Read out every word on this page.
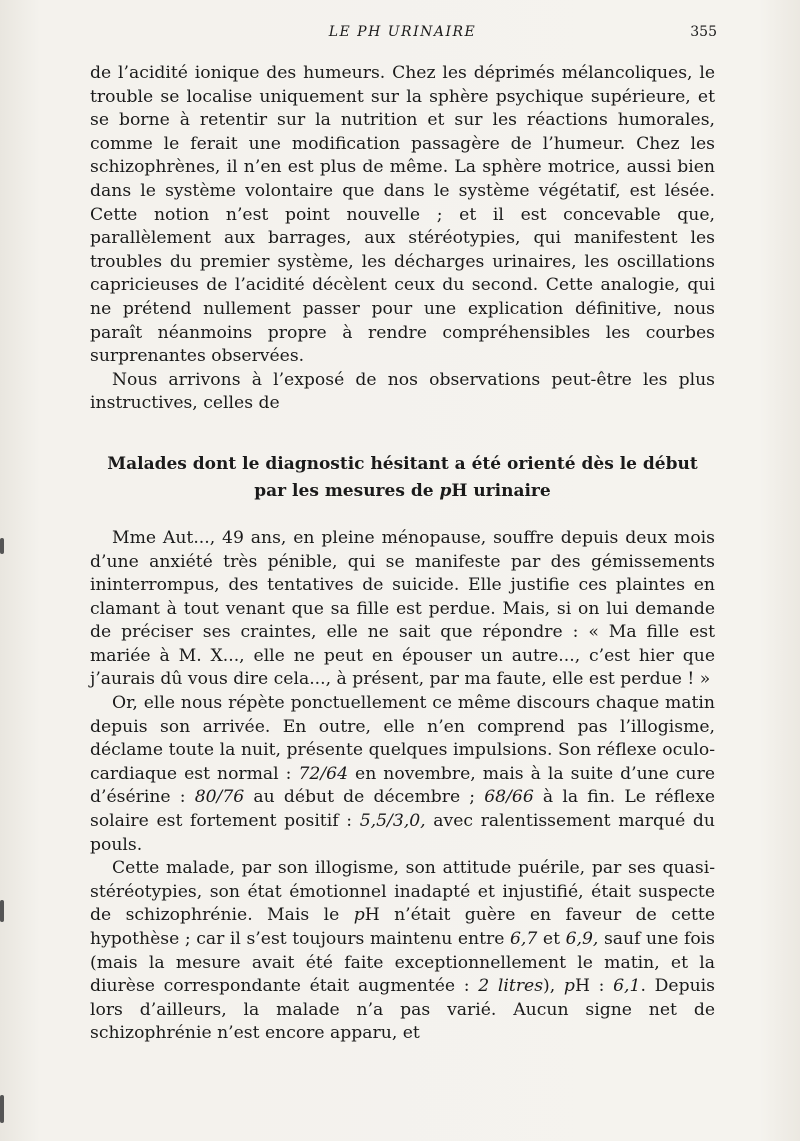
LE PH URINAIRE	355

de l’acidité ionique des humeurs. Chez les déprimés mélancoliques, le trouble se localise uniquement sur la sphère psychique supérieure, et se borne à retentir sur la nutrition et sur les réactions humorales, comme le ferait une modification passagère de l’humeur. Chez les schizophrènes, il n’en est plus de même. La sphère motrice, aussi bien dans le système volontaire que dans le système végétatif, est lésée. Cette notion n’est point nouvelle ; et il est concevable que, parallèlement aux barrages, aux stéréotypies, qui manifestent les troubles du premier système, les décharges urinaires, les oscillations capricieuses de l’acidité décèlent ceux du second. Cette analogie, qui ne prétend nullement passer pour une explication définitive, nous paraît néanmoins propre à rendre compréhensibles les courbes surprenantes observées.

Nous arrivons à l’exposé de nos observations peut-être les plus instructives, celles de

Malades dont le diagnostic hésitant a été orienté dès le début
par les mesures de pH urinaire

Mme Aut..., 49 ans, en pleine ménopause, souffre depuis deux mois d’une anxiété très pénible, qui se manifeste par des gémissements ininterrompus, des tentatives de suicide. Elle justifie ces plaintes en clamant à tout venant que sa fille est perdue. Mais, si on lui demande de préciser ses craintes, elle ne sait que répondre : « Ma fille est mariée à M. X..., elle ne peut en épouser un autre..., c’est hier que j’aurais dû vous dire cela..., à présent, par ma faute, elle est perdue ! »

Or, elle nous répète ponctuellement ce même discours chaque matin depuis son arrivée. En outre, elle n’en comprend pas l’illogisme, déclame toute la nuit, présente quelques impulsions. Son réflexe oculo-cardiaque est normal : 72/64 en novembre, mais à la suite d’une cure d’ésérine : 80/76 au début de décembre ; 68/66 à la fin. Le réflexe solaire est fortement positif : 5,5/3,0, avec ralentissement marqué du pouls.

Cette malade, par son illogisme, son attitude puérile, par ses quasi-stéréotypies, son état émotionnel inadapté et injustifié, était suspecte de schizophrénie. Mais le pH n’était guère en faveur de cette hypothèse ; car il s’est toujours maintenu entre 6,7 et 6,9, sauf une fois (mais la mesure avait été faite exceptionnellement le matin, et la diurèse correspondante était augmentée : 2 litres), pH : 6,1. Depuis lors d’ailleurs, la malade n’a pas varié. Aucun signe net de schizophrénie n’est encore apparu, et
